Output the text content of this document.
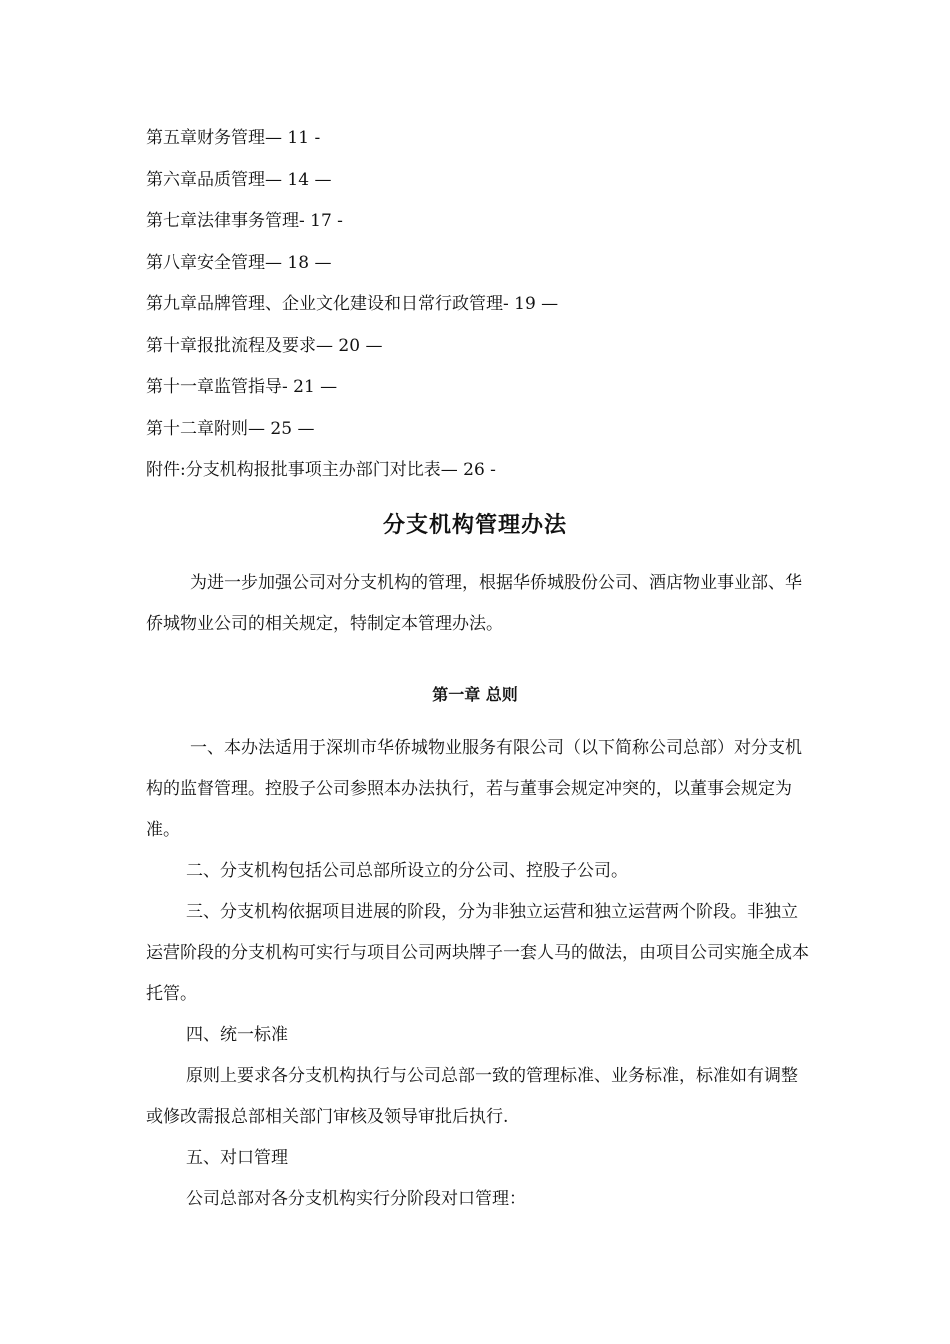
第五章财务管理— 11 -
第六章品质管理— 14 —
第七章法律事务管理- 17 -
第八章安全管理— 18 —
第九章品牌管理、企业文化建设和日常行政管理- 19 —
第十章报批流程及要求— 20 —
第十一章监管指导- 21 —
第十二章附则— 25 —
附件:分支机构报批事项主办部门对比表— 26 -
分支机构管理办法
为进一步加强公司对分支机构的管理，根据华侨城股份公司、酒店物业事业部、华侨城物业公司的相关规定，特制定本管理办法。
第一章 总则
一、本办法适用于深圳市华侨城物业服务有限公司（以下简称公司总部）对分支机构的监督管理。控股子公司参照本办法执行，若与董事会规定冲突的，以董事会规定为准。
二、分支机构包括公司总部所设立的分公司、控股子公司。
三、分支机构依据项目进展的阶段，分为非独立运营和独立运营两个阶段。非独立运营阶段的分支机构可实行与项目公司两块牌子一套人马的做法，由项目公司实施全成本托管。
四、统一标准
原则上要求各分支机构执行与公司总部一致的管理标准、业务标准，标准如有调整或修改需报总部相关部门审核及领导审批后执行.
五、对口管理
公司总部对各分支机构实行分阶段对口管理：
